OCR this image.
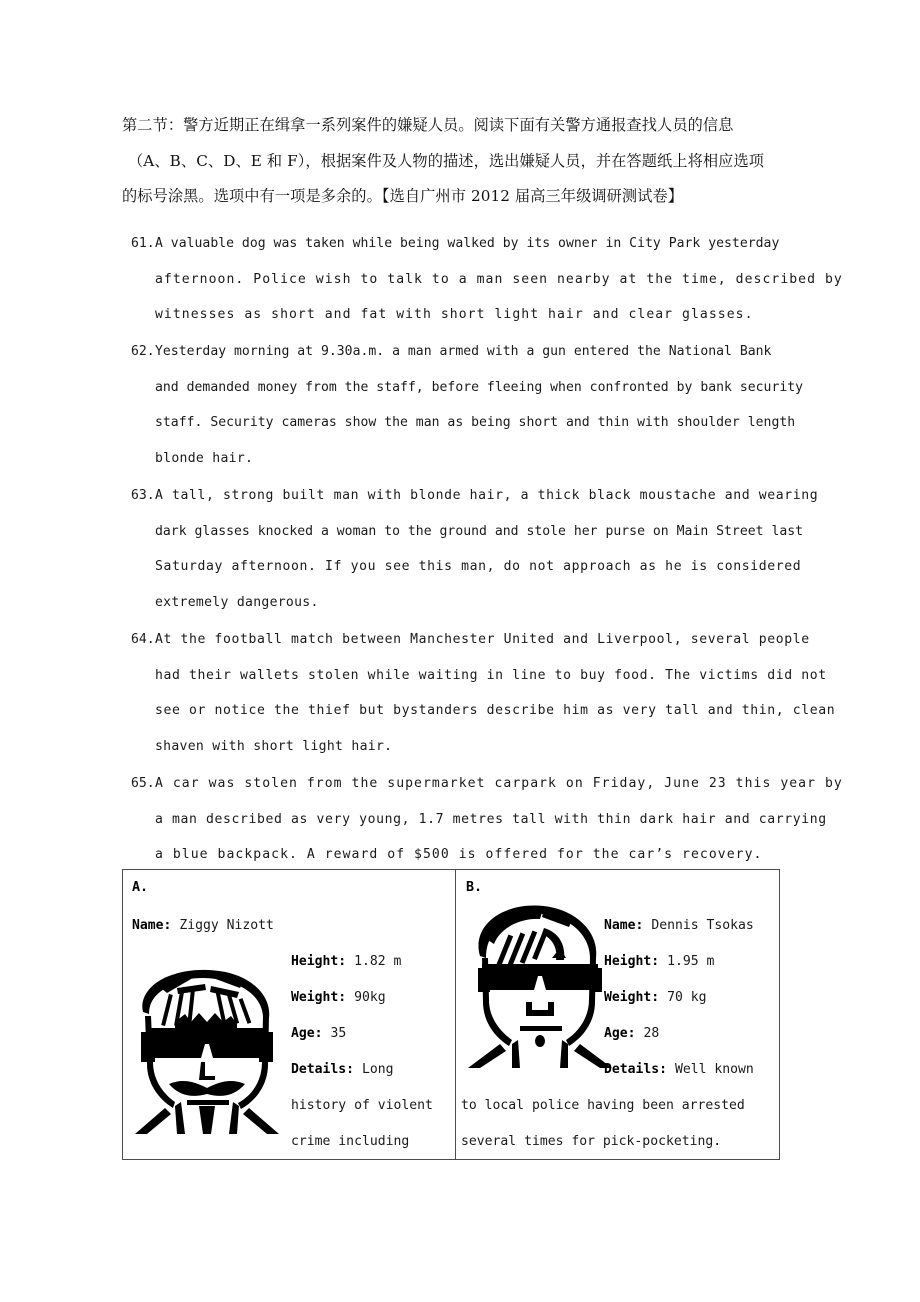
第二节：警方近期正在缉拿一系列案件的嫌疑人员。阅读下面有关警方通报查找人员的信息
（A、B、C、D、E 和 F），根据案件及人物的描述，选出嫌疑人员，并在答题纸上将相应选项
的标号涂黑。选项中有一项是多余的。【选自广州市 2012 届高三年级调研测试卷】
61.A valuable dog was taken while being walked by its owner in City Park yesterday
afternoon. Police wish to talk to a man seen nearby at the time, described by
witnesses as short and fat with short light hair and clear glasses.
62.Yesterday morning at 9.30a.m. a man armed with a gun entered the National Bank
and demanded money from the staff, before fleeing when confronted by bank security
staff. Security cameras show the man as being short and thin with shoulder length
blonde hair.
63.A tall, strong built man with blonde hair, a thick black moustache and wearing
dark glasses knocked a woman to the ground and stole her purse on Main Street last
Saturday afternoon. If you see this man, do not approach as he is considered
extremely dangerous.
64.At the football match between Manchester United and Liverpool, several people
had their wallets stolen while waiting in line to buy food. The victims did not
see or notice the thief but bystanders describe him as very tall and thin, clean
shaven with short light hair.
65.A car was stolen from the supermarket carpark on Friday, June 23 this year by
a man described as very young, 1.7 metres tall with thin dark hair and carrying
a blue backpack. A reward of $500 is offered for the car’s recovery.
A.
Name: Ziggy Nizott
Height: 1.82 m
Weight: 90kg
Age: 35
Details: Long
history of violent
crime including
B.
Name: Dennis Tsokas
Height: 1.95 m
Weight: 70 kg
Age: 28
Details: Well known
to local police having been arrested
several times for pick-pocketing.
